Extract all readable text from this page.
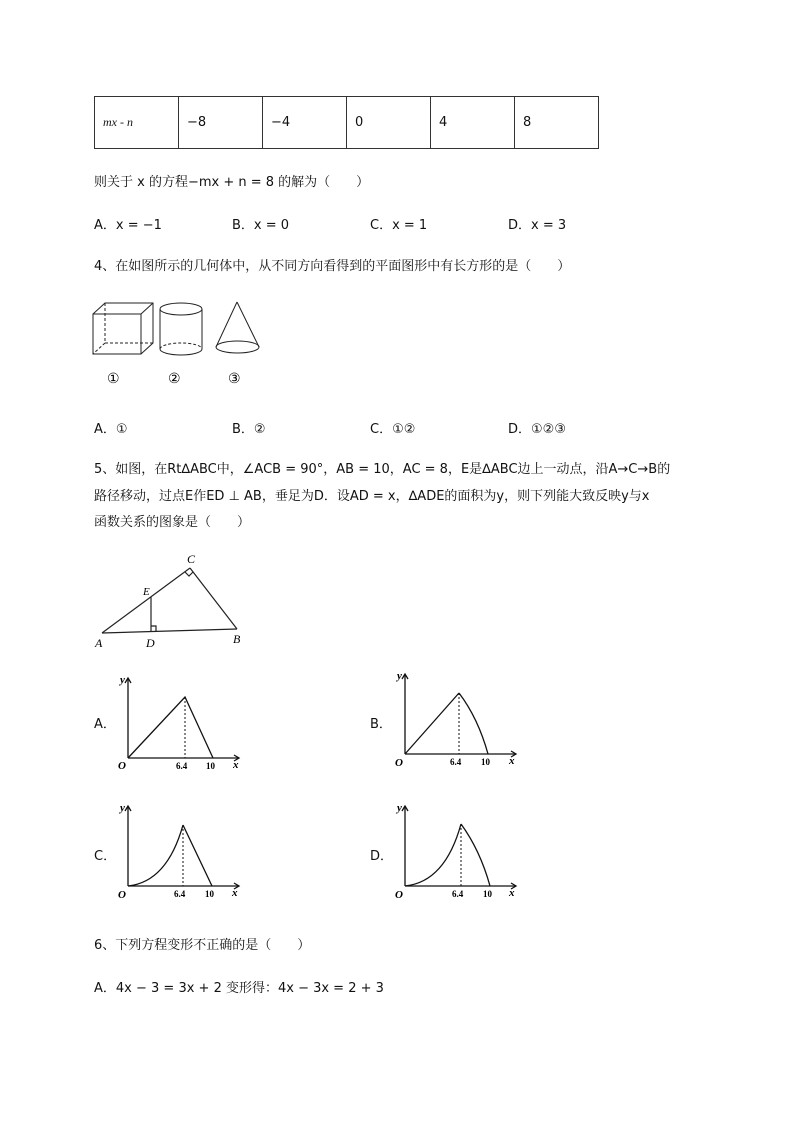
mx - n	−8	−4	0	4	8
则关于 x 的方程−mx + n = 8 的解为（　　）
A．x = −1	B．x = 0	C．x = 1	D．x = 3
4、在如图所示的几何体中，从不同方向看得到的平面图形中有长方形的是（　　）
①	②	③
A．①	B．②	C．①②	D．①②③
5、如图，在Rt∆ABC中，∠ACB = 90°，AB = 10，AC = 8，E是∆ABC边上一动点，沿A→C→B的
路径移动，过点E作ED ⊥ AB，垂足为D．设AD = x，∆ADE的面积为y，则下列能大致反映y与x
函数关系的图象是（　　）
C
E
A	D	B
A．
y
x
O	6.4 10
B．
y
x
O	6.4 10
C．
y
x
O	6.4 10
D．
y
x
O	6.4 10
6、下列方程变形不正确的是（　　）
A．4x − 3 = 3x + 2 变形得：4x − 3x = 2 + 3
